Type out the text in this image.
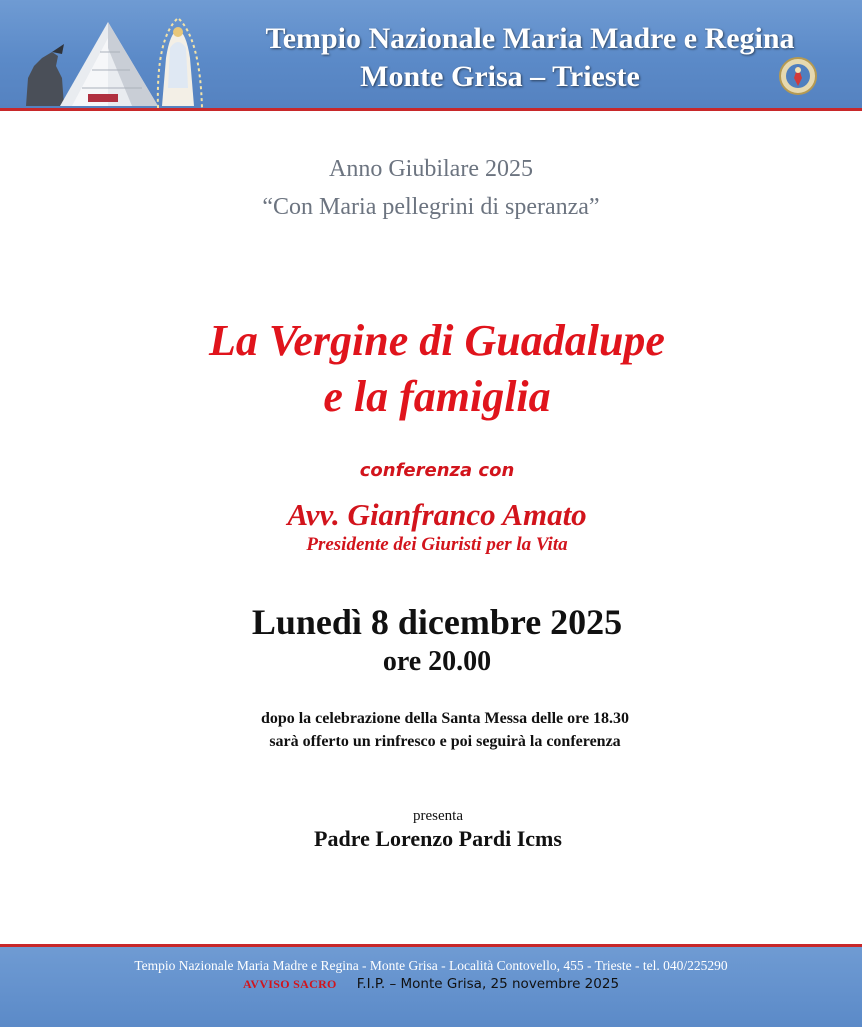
Tempio Nazionale Maria Madre e Regina
Monte Grisa – Trieste
Anno Giubilare 2025
“Con Maria pellegrini di speranza”
La Vergine di Guadalupe
e la famiglia
conferenza con
Avv. Gianfranco Amato
Presidente dei Giuristi per la Vita
Lunedì 8 dicembre 2025
ore 20.00
dopo la celebrazione della Santa Messa delle ore 18.30
sarà offerto un rinfresco e poi seguirà la conferenza
presenta
Padre Lorenzo Pardi Icms
Tempio Nazionale Maria Madre e Regina - Monte Grisa - Località Contovello, 455 - Trieste - tel. 040/225290
AVVISO SACRO F.I.P. – Monte Grisa, 25 novembre 2025
